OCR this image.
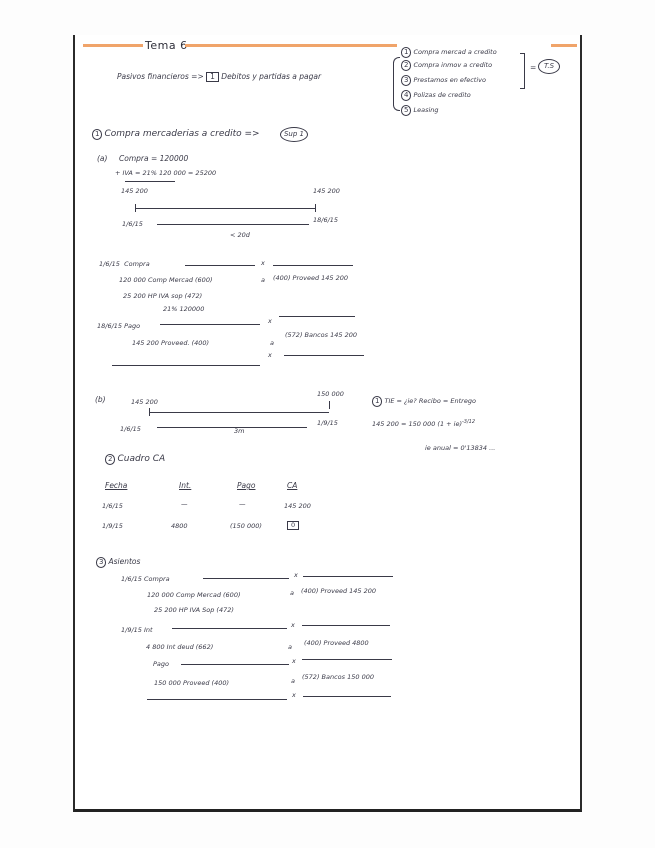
Tema 6
Pasivos financieros => 1 Debitos y partidas a pagar
1 Compra mercad a credito
2 Compra inmov a credito
3 Prestamos en efectivo
4 Polizas de credito
5 Leasing
=	T.S
1 Compra mercaderias a credito =>	Sup 1
(a) Compra = 120000
+ IVA = 21% 120 000 = 25200
145 200	145 200
1/6/15	18/6/15
< 20d
1/6/15 Compra	x
120 000 Comp Mercad (600)	a (400) Proveed 145 200
25 200 HP IVA sop (472)
21% 120000
18/6/15 Pago
x
145 200 Proveed. (400)	a
(572) Bancos 145 200
x
(b)	145 200
150 000
1/6/15
1/9/15
3m
1 TIE = ¿ie? Recibo = Entrego
145 200 = 150 000 (1 + ie)$^{-3/12}$
ie anual = 0'13834 ...
2 Cuadro CA
Fecha	Int.	Pago	CA
1/6/15	—	—	145 200
1/9/15	4800	(150 000)	0
3 Asientos
1/6/15 Compra	x
120 000 Comp Mercad (600)	a (400) Proveed 145 200
25 200 HP IVA Sop (472)
1/9/15 Int
x
4 800 Int deud (662)	a (400) Proveed 4800
Pago	x
150 000 Proveed (400)	a (572) Bancos 150 000
x
